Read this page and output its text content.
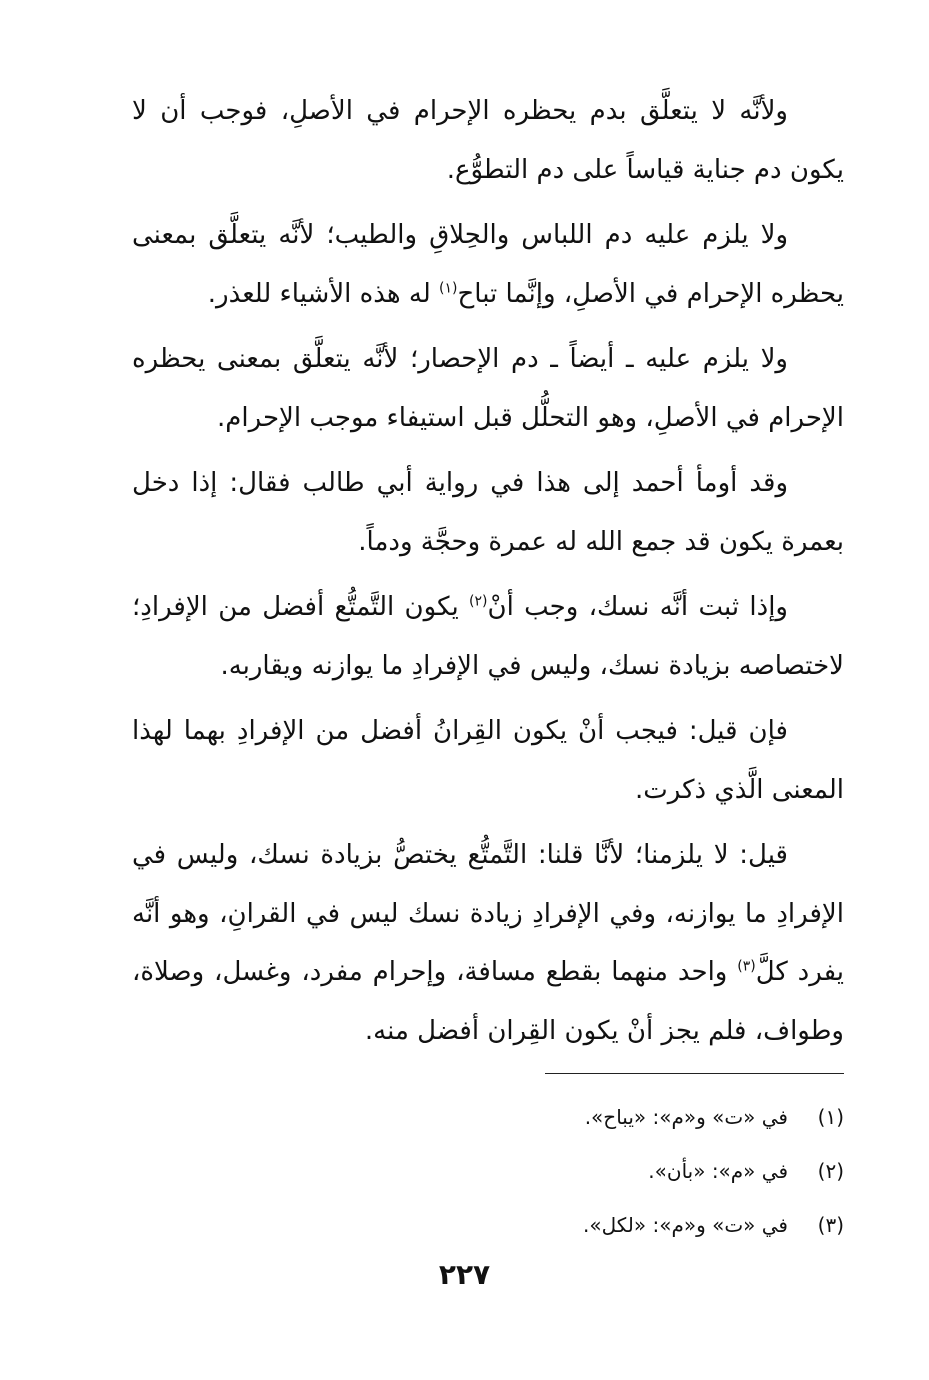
ولأنَّه لا يتعلَّق بدم يحظره الإحرام في الأصلِ، فوجب أن لا يكون دم جناية قياساً على دم التطوُّع.

ولا يلزم عليه دم اللباس والحِلاقِ والطيب؛ لأنَّه يتعلَّق بمعنى يحظره الإحرام في الأصلِ، وإنَّما تباح$^{(١)}$ له هذه الأشياء للعذر.

ولا يلزم عليه ـ أيضاً ـ دم الإحصار؛ لأنَّه يتعلَّق بمعنى يحظره الإحرام في الأصلِ، وهو التحلُّل قبل استيفاء موجب الإحرام.

وقد أومأ أحمد إلى هذا في رواية أبي طالب فقال: إذا دخل بعمرة يكون قد جمع الله له عمرة وحجَّة ودماً.

وإذا ثبت أنَّه نسك، وجب أنْ$^{(٢)}$ يكون التَّمتُّع أفضل من الإفرادِ؛ لاختصاصه بزيادة نسك، وليس في الإفرادِ ما يوازنه ويقاربه.

فإن قيل: فيجب أنْ يكون القِرانُ أفضل من الإفرادِ بهما لهذا المعنى الَّذي ذكرت.

قيل: لا يلزمنا؛ لأنَّا قلنا: التَّمتُّع يختصُّ بزيادة نسك، وليس في الإفرادِ ما يوازنه، وفي الإفرادِ زيادة نسك ليس في القرانِ، وهو أنَّه يفرد كلَّ$^{(٣)}$ واحد منهما بقطع مسافة، وإحرام مفرد، وغسل، وصلاة، وطواف، فلم يجز أنْ يكون القِران أفضل منه.

(١)في «ت» و«م»: «يباح».
(٢)في «م»: «بأن».
(٣)في «ت» و«م»: «لكل».
٢٢٧
